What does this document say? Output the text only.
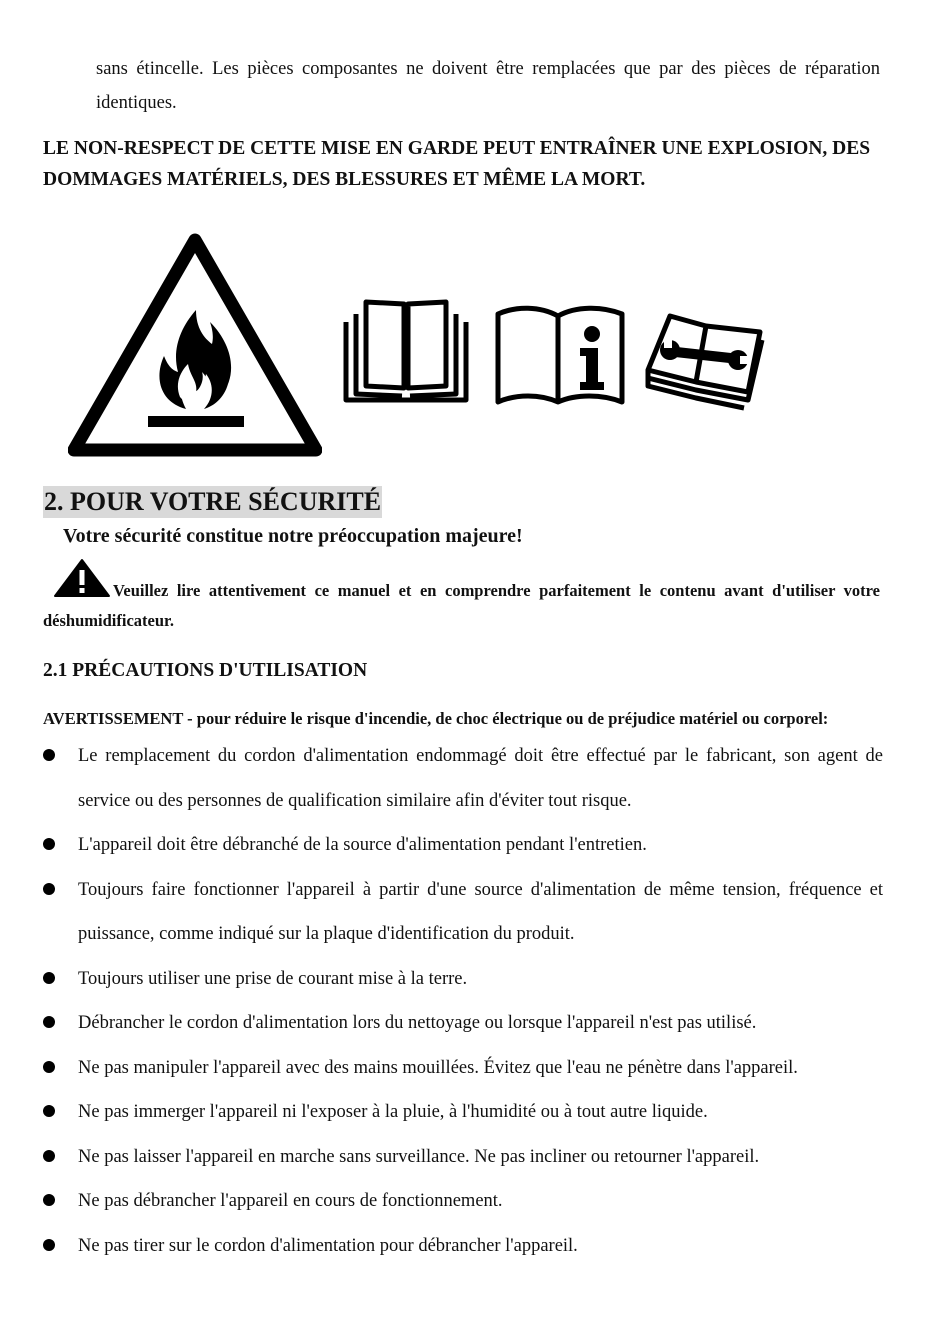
sans étincelle. Les pièces composantes ne doivent être remplacées que par des pièces de réparation identiques.
LE NON-RESPECT DE CETTE MISE EN GARDE PEUT ENTRAÎNER UNE EXPLOSION, DES DOMMAGES MATÉRIELS, DES BLESSURES ET MÊME LA MORT.
2. POUR VOTRE SÉCURITÉ
Votre sécurité constitue notre préoccupation majeure!
Veuillez lire attentivement ce manuel et en comprendre parfaitement le contenu avant d'utiliser votre déshumidificateur.
2.1 PRÉCAUTIONS D'UTILISATION
AVERTISSEMENT - pour réduire le risque d'incendie, de choc électrique ou de préjudice matériel ou corporel:
Le remplacement du cordon d'alimentation endommagé doit être effectué par le fabricant, son agent de service ou des personnes de qualification similaire afin d'éviter tout risque.
L'appareil doit être débranché de la source d'alimentation pendant l'entretien.
Toujours faire fonctionner l'appareil à partir d'une source d'alimentation de même tension, fréquence et puissance, comme indiqué sur la plaque d'identification du produit.
Toujours utiliser une prise de courant mise à la terre.
Débrancher le cordon d'alimentation lors du nettoyage ou lorsque l'appareil n'est pas utilisé.
Ne pas manipuler l'appareil avec des mains mouillées. Évitez que l'eau ne pénètre dans l'appareil.
Ne pas immerger l'appareil ni l'exposer à la pluie, à l'humidité ou à tout autre liquide.
Ne pas laisser l'appareil en marche sans surveillance. Ne pas incliner ou retourner l'appareil.
Ne pas débrancher l'appareil en cours de fonctionnement.
Ne pas tirer sur le cordon d'alimentation pour débrancher l'appareil.
